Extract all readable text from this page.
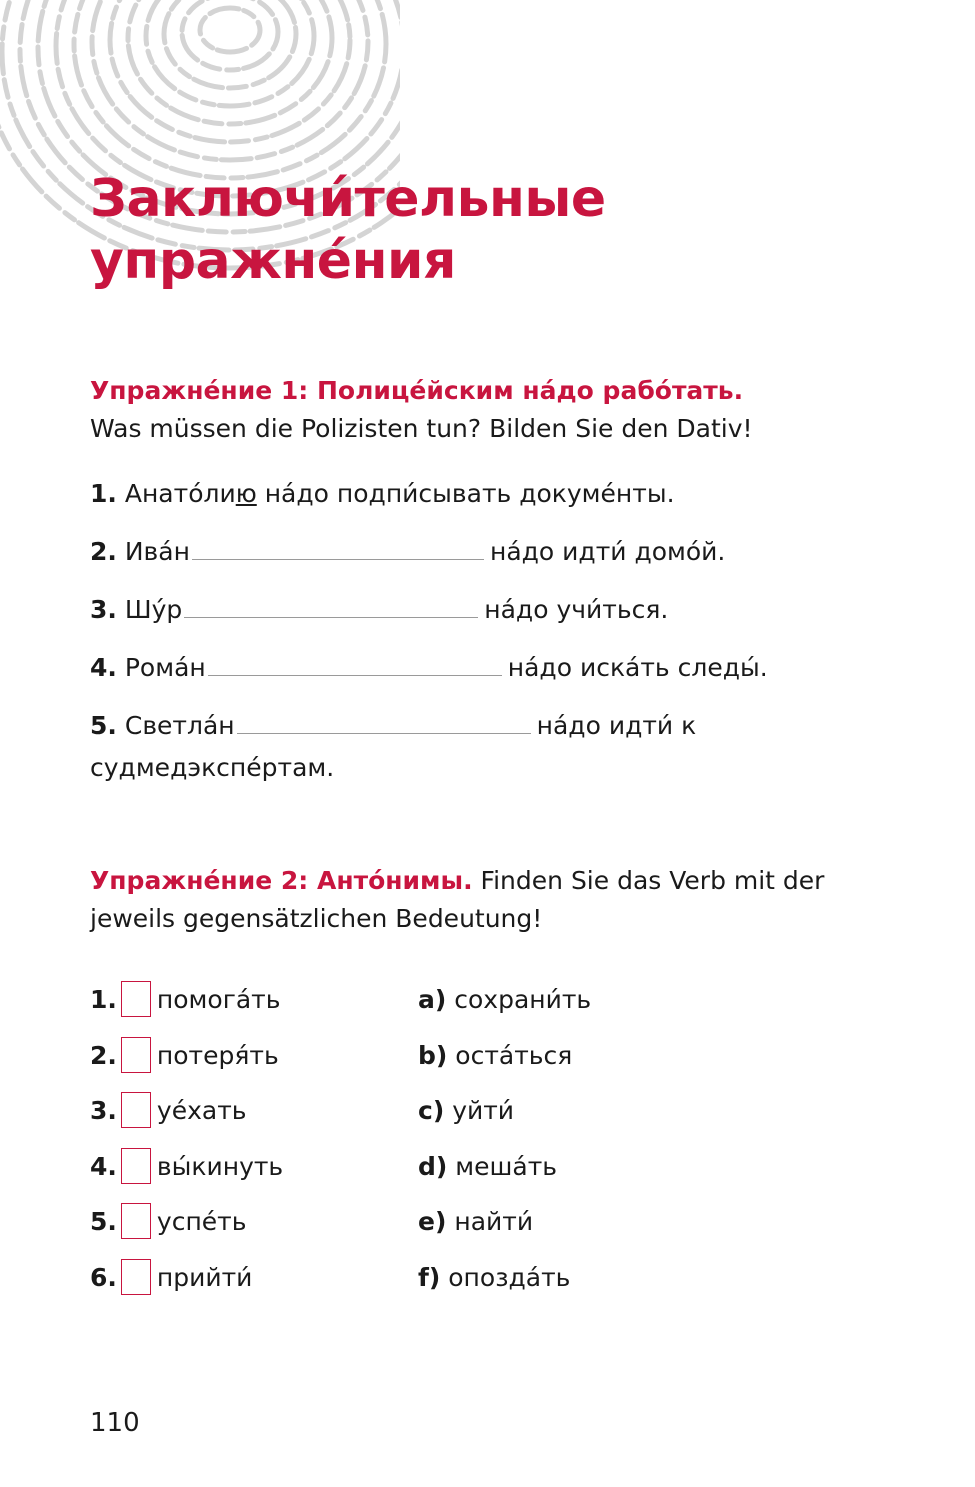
Заключи́тельные
упражне́ния

Упражне́ние 1: Полице́йским на́до рабо́тать.
Was müssen die Polizisten tun? Bilden Sie den Dativ!

1. Анато́лию на́до подпи́сывать докуме́нты.
2. Ива́н	на́до идти́ домо́й.
3. Шу́р	на́до учи́ться.
4. Рома́н	на́до иска́ть следы́.
5. Светла́н	на́до идти́ к
судмедэкспе́ртам.

Упражне́ние 2: Анто́нимы. Finden Sie das Verb mit der jeweils gegensätzlichen Bedeutung!

1. помога́ть	a) сохрани́ть
2. потеря́ть	b) оста́ться
3. уе́хать	c) уйти́
4. вы́кинуть	d) меша́ть
5. успе́ть	e) найти́
6. прийти́	f) опозда́ть
110
